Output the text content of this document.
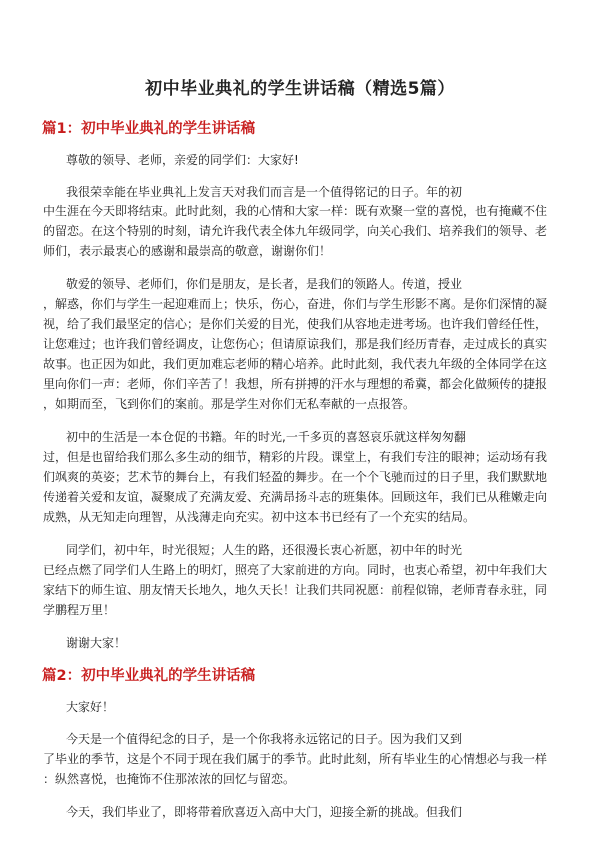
初中毕业典礼的学生讲话稿（精选5篇）
篇1：初中毕业典礼的学生讲话稿
尊敬的领导、老师，亲爱的同学们：大家好!
我很荣幸能在毕业典礼上发言天对我们而言是一个值得铭记的日子。年的初
中生涯在今天即将结束。此时此刻，我的心情和大家一样：既有欢聚一堂的喜悦，也有掩藏不住
的留恋。在这个特别的时刻，请允许我代表全体九年级同学，向关心我们、培养我们的领导、老
师们，表示最衷心的感谢和最崇高的敬意，谢谢你们！
敬爱的领导、老师们，你们是朋友，是长者，是我们的领路人。传道，授业
，解惑，你们与学生一起迎难而上；快乐，伤心，奋进，你们与学生形影不离。是你们深情的凝
视，给了我们最坚定的信心；是你们关爱的目光，使我们从容地走进考场。也许我们曾经任性，
让您难过；也许我们曾经调皮，让您伤心；但请原谅我们，那是我们经历青春，走过成长的真实
故事。也正因为如此，我们更加难忘老师的精心培养。此时此刻，我代表九年级的全体同学在这
里向你们一声：老师，你们辛苦了！我想，所有拼搏的汗水与理想的希冀，都会化做频传的捷报
，如期而至，飞到你们的案前。那是学生对你们无私奉献的一点报答。
初中的生活是一本仓促的书籍。年的时光,一千多页的喜怒哀乐就这样匆匆翻
过，但是也留给我们那么多生动的细节，精彩的片段。课堂上，有我们专注的眼神；运动场有我
们飒爽的英姿；艺术节的舞台上，有我们轻盈的舞步。在一个个飞驰而过的日子里，我们默默地
传递着关爱和友谊，凝聚成了充满友爱、充满昂扬斗志的班集体。回顾这年，我们已从稚嫩走向
成熟，从无知走向理智，从浅薄走向充实。初中这本书已经有了一个充实的结局。
同学们，初中年，时光很短；人生的路，还很漫长衷心祈愿，初中年的时光
已经点燃了同学们人生路上的明灯，照亮了大家前进的方向。同时，也衷心希望，初中年我们大
家结下的师生谊、朋友情天长地久，地久天长！让我们共同祝愿：前程似锦，老师青春永驻，同
学鹏程万里！
谢谢大家！
篇2：初中毕业典礼的学生讲话稿
大家好！
今天是一个值得纪念的日子，是一个你我将永远铭记的日子。因为我们又到
了毕业的季节，这是个不同于现在我们属于的季节。此时此刻，所有毕业生的心情想必与我一样
：纵然喜悦，也掩饰不住那浓浓的回忆与留恋。
今天，我们毕业了，即将带着欣喜迈入高中大门，迎接全新的挑战。但我们
